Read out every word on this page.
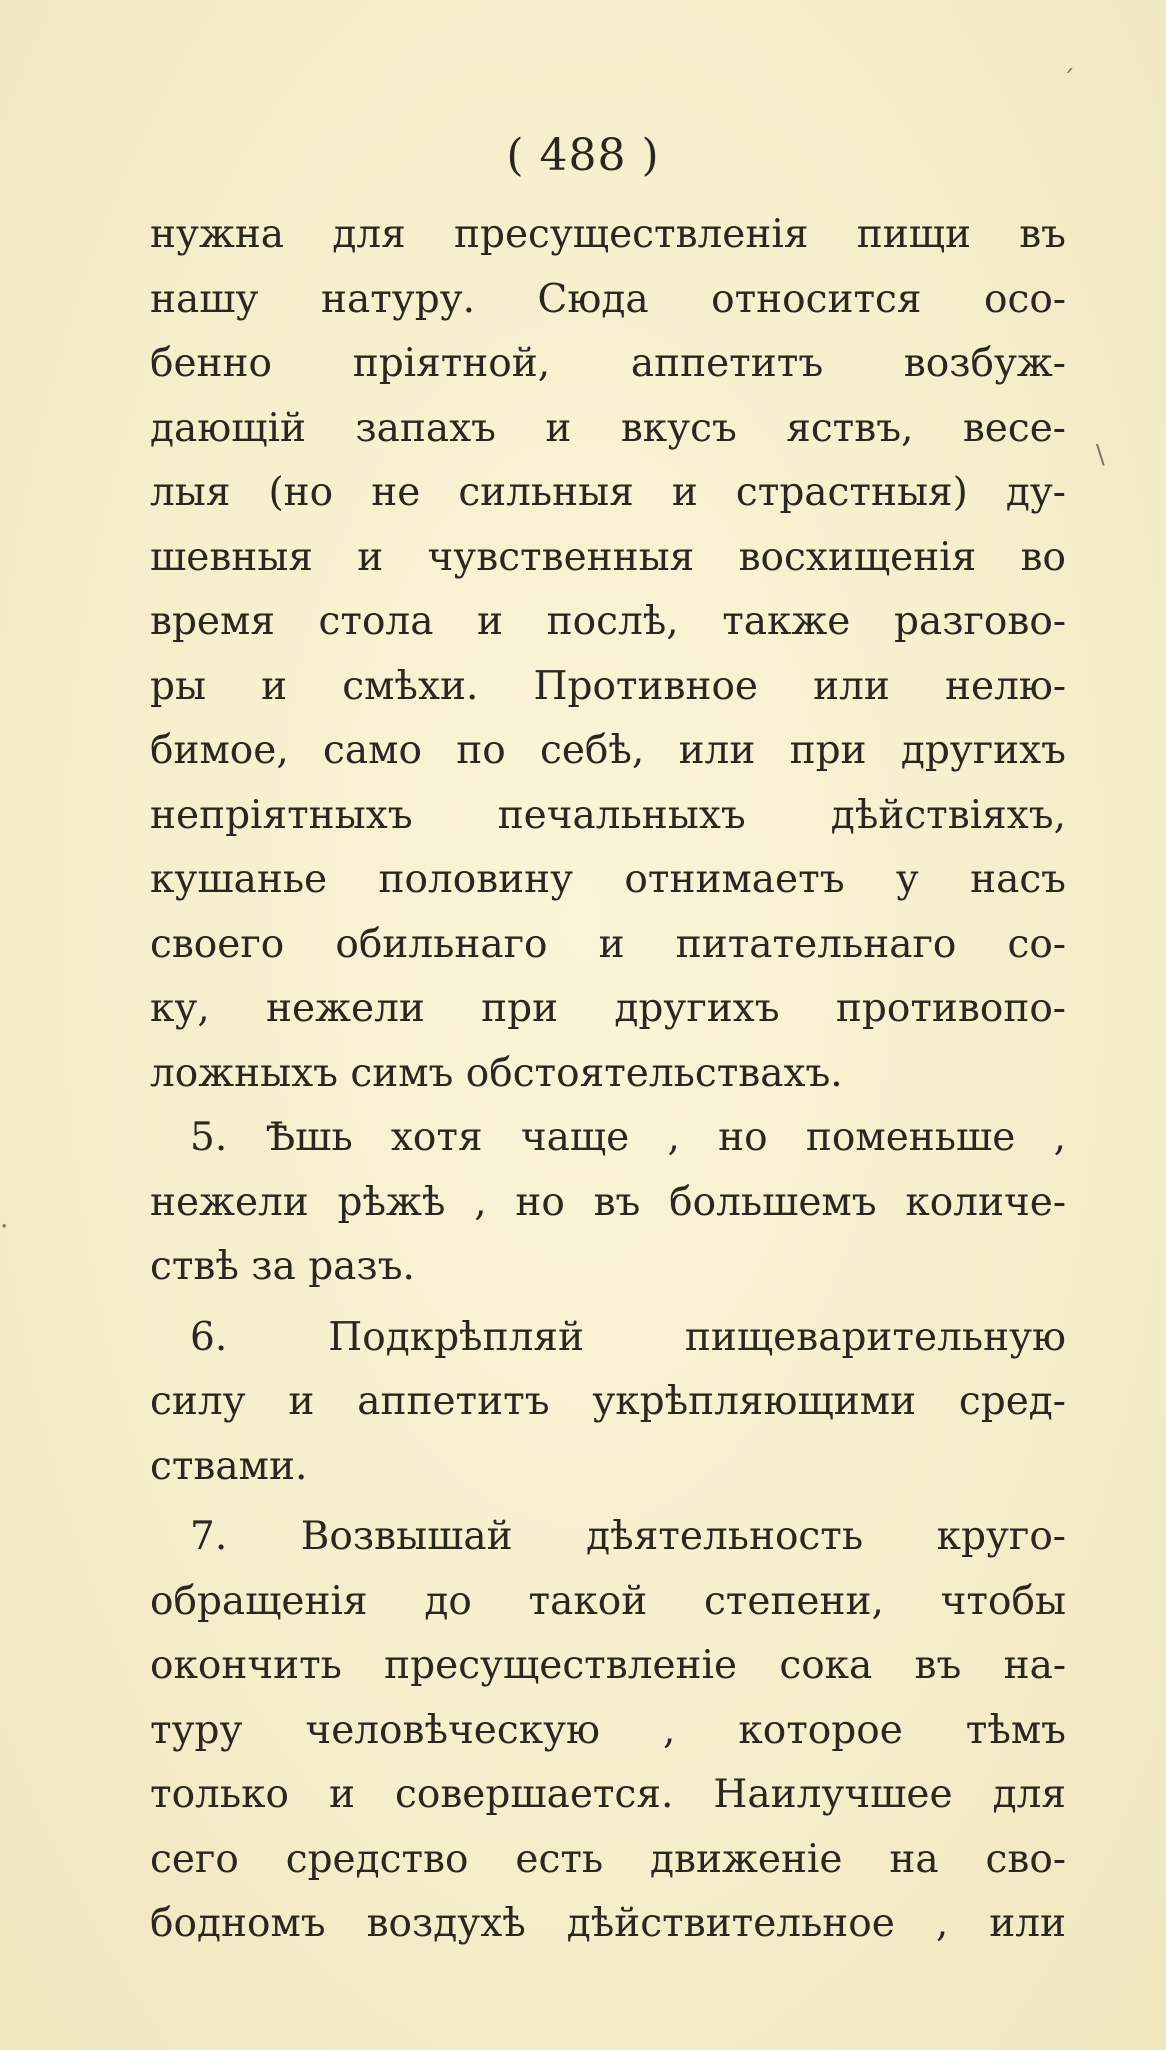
´
\
·
( 488 )
нужна для пресуществленія пищи въ
нашу натуру. Сюда относится осо-
бенно пріятной, аппетитъ возбуж-
дающій запахъ и вкусъ яствъ, весе-
лыя (но не сильныя и страстныя) ду-
шевныя и чувственныя восхищенія во
время стола и послѣ, также разгово-
ры и смѣхи. Противное или нелю-
бимое, само по себѣ, или при другихъ
непріятныхъ печальныхъ дѣйствіяхъ,
кушанье половину отнимаетъ у насъ
своего обильнаго и питательнаго со-
ку, нежели при другихъ противопо-
ложныхъ симъ обстоятельствахъ.
5. Ѣшь хотя чаще , но поменьше ,
нежели рѣжѣ , но въ большемъ количе-
ствѣ за разъ.
6. Подкрѣпляй пищеварительную
силу и аппетитъ укрѣпляющими сред-
ствами.
7. Возвышай дѣятельность круго-
обращенія до такой степени, чтобы
окончить пресуществленіе сока въ на-
туру человѣческую , которое тѣмъ
только и совершается. Наилучшее для
сего средство есть движеніе на сво-
бодномъ воздухѣ дѣйствительное , или
